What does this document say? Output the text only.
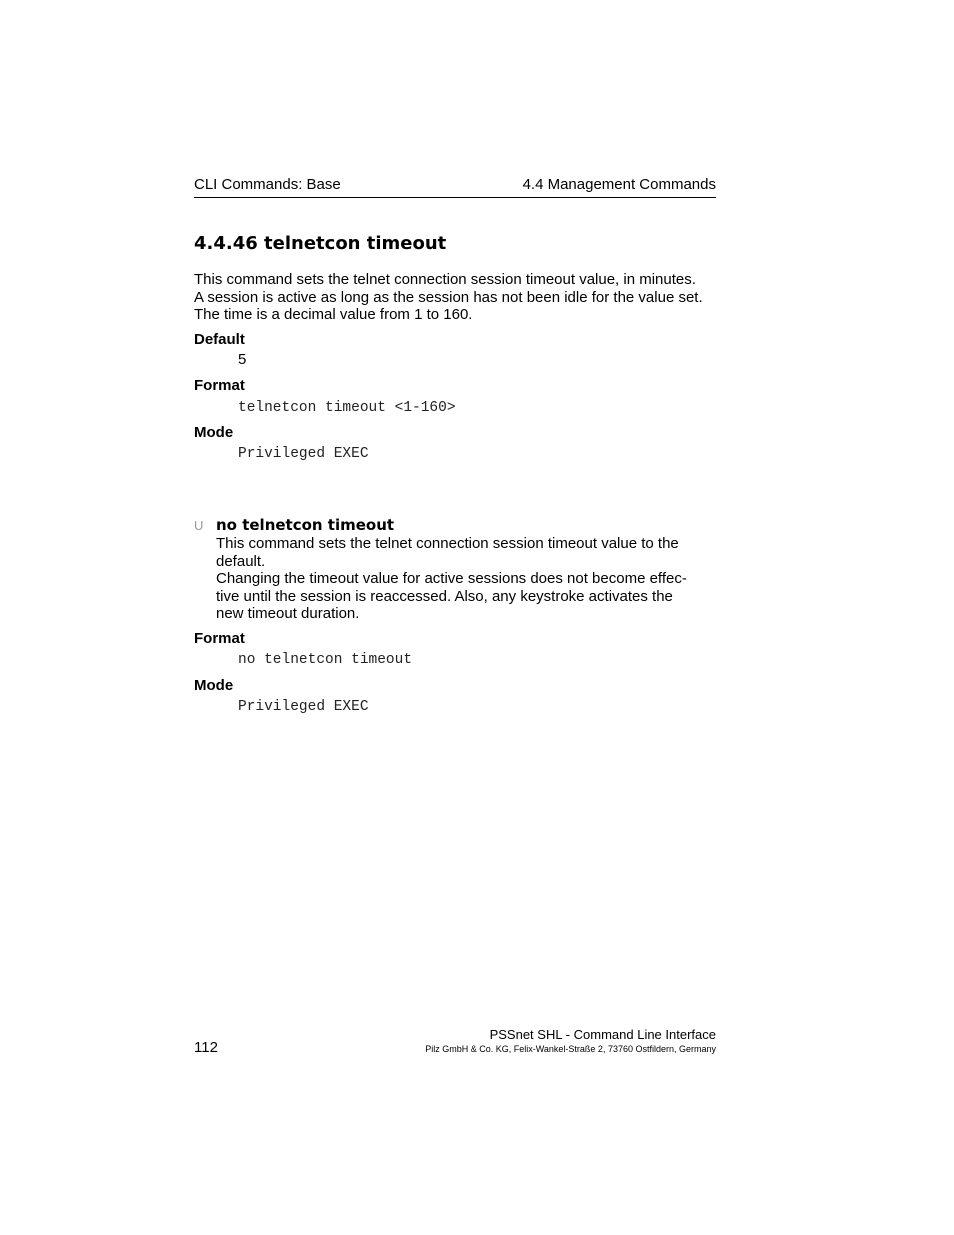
CLI Commands: Base	4.4 Management Commands
4.4.46 telnetcon timeout

This command sets the telnet connection session timeout value, in minutes.
A session is active as long as the session has not been idle for the value set.
The time is a decimal value from 1 to 160.

Default
5
Format
telnetcon timeout <1-160>
Mode
Privileged EXEC
U no telnetcon timeout

This command sets the telnet connection session timeout value to the
default.

Changing the timeout value for active sessions does not become effec-
tive until the session is reaccessed. Also, any keystroke activates the
new timeout duration.

Format
no telnetcon timeout
Mode
Privileged EXEC
112
PSSnet SHL - Command Line Interface
Pilz GmbH & Co. KG, Felix-Wankel-Straße 2, 73760 Ostfildern, Germany
